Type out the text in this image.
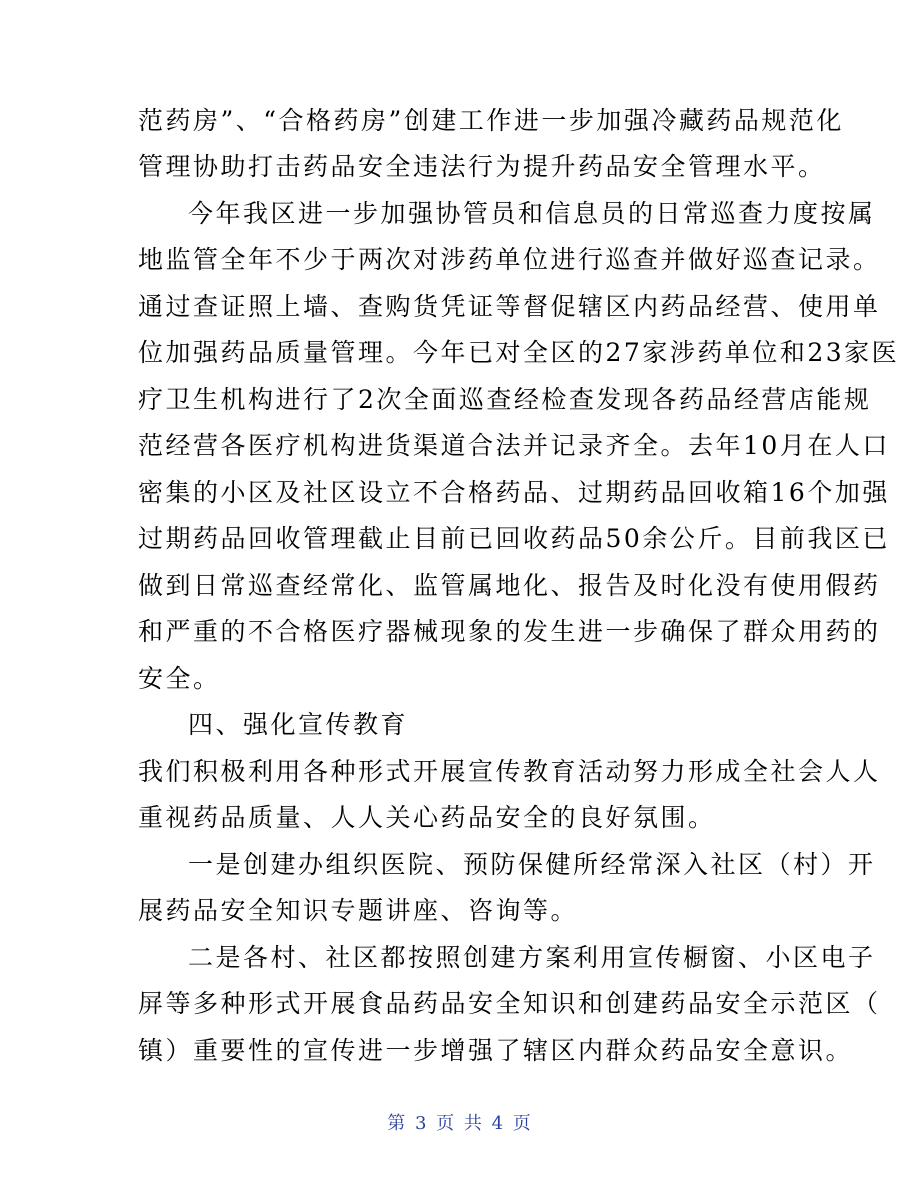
范药房”、“合格药房”创建工作进一步加强冷藏药品规范化
管理协助打击药品安全违法行为提升药品安全管理水平。
今年我区进一步加强协管员和信息员的日常巡查力度按属
地监管全年不少于两次对涉药单位进行巡查并做好巡查记录。
通过查证照上墙、查购货凭证等督促辖区内药品经营、使用单
位加强药品质量管理。今年已对全区的27家涉药单位和23家医
疗卫生机构进行了2次全面巡查经检查发现各药品经营店能规
范经营各医疗机构进货渠道合法并记录齐全。去年10月在人口
密集的小区及社区设立不合格药品、过期药品回收箱16个加强
过期药品回收管理截止目前已回收药品50余公斤。目前我区已
做到日常巡查经常化、监管属地化、报告及时化没有使用假药
和严重的不合格医疗器械现象的发生进一步确保了群众用药的
安全。
四、强化宣传教育
我们积极利用各种形式开展宣传教育活动努力形成全社会人人
重视药品质量、人人关心药品安全的良好氛围。
一是创建办组织医院、预防保健所经常深入社区（村）开
展药品安全知识专题讲座、咨询等。
二是各村、社区都按照创建方案利用宣传橱窗、小区电子
屏等多种形式开展食品药品安全知识和创建药品安全示范区（
镇）重要性的宣传进一步增强了辖区内群众药品安全意识。
第 3 页 共 4 页
